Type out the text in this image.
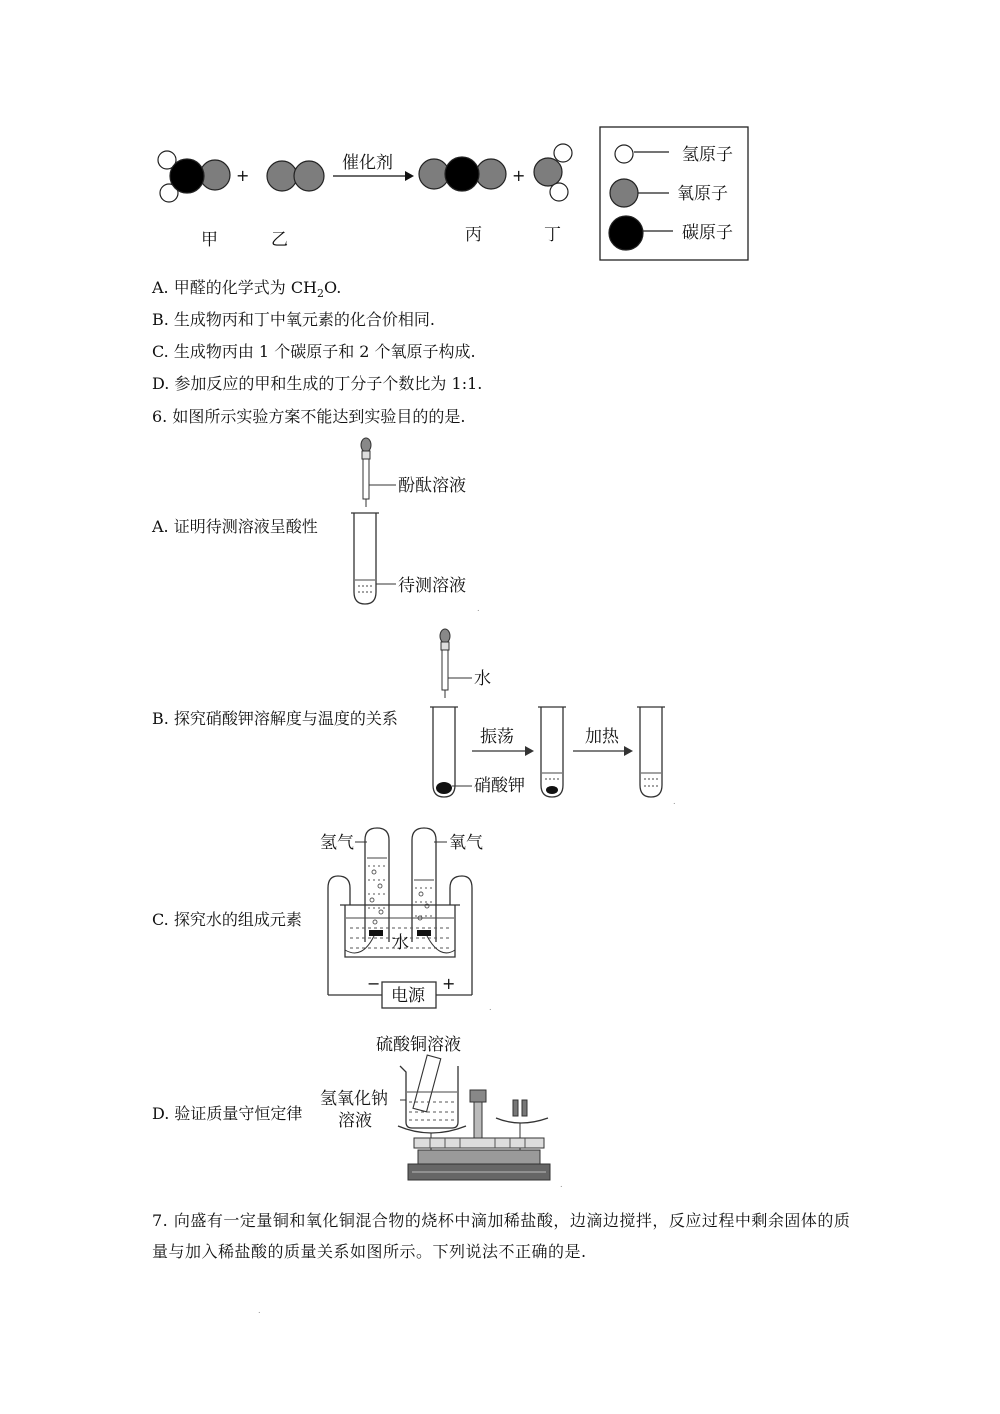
+
催化剂
+
甲	乙	丙	丁
氢原子
氧原子
碳原子
A. 甲醛的化学式为 $CH_2O$.
B. 生成物丙和丁中氧元素的化合价相同.
C. 生成物丙由 1 个碳原子和 2 个氧原子构成.
D. 参加反应的甲和生成的丁分子个数比为 1:1.
6. 如图所示实验方案不能达到实验目的的是.
A. 证明待测溶液呈酸性
酚酞溶液
待测溶液
.
B. 探究硝酸钾溶解度与温度的关系
水
硝酸钾
振荡	加热
.
C. 探究水的组成元素
氢气	氧气
水
电源
−	+
.
D. 验证质量守恒定律
硫酸铜溶液
氢氧化钠
溶液
.
7. 向盛有一定量铜和氧化铜混合物的烧杯中滴加稀盐酸，边滴边搅拌，反应过程中剩余固体的质量与加入稀盐酸的质量关系如图所示。下列说法不正确的是.
.
